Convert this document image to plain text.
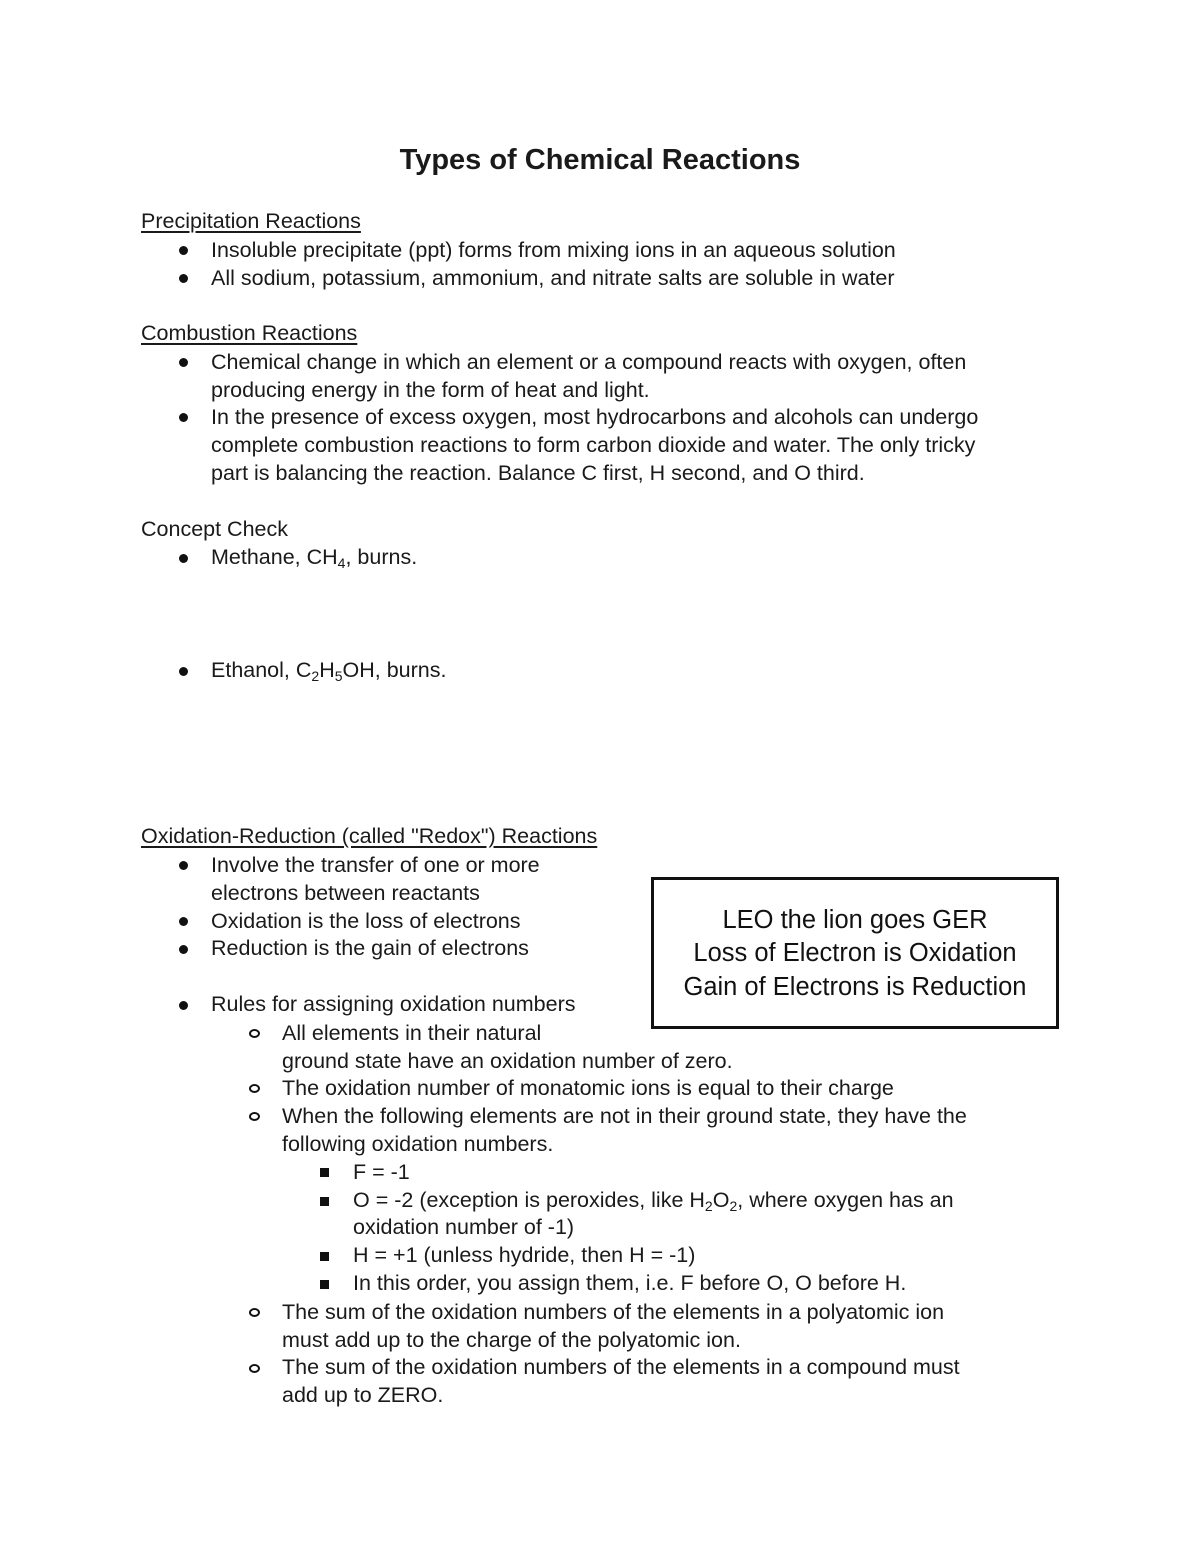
Types of Chemical Reactions
Precipitation Reactions
Insoluble precipitate (ppt) forms from mixing ions in an aqueous solution
All sodium, potassium, ammonium, and nitrate salts are soluble in water
Combustion Reactions
Chemical change in which an element or a compound reacts with oxygen, often
producing energy in the form of heat and light.
In the presence of excess oxygen, most hydrocarbons and alcohols can undergo
complete combustion reactions to form carbon dioxide and water. The only tricky
part is balancing the reaction. Balance C first, H second, and O third.
Concept Check
Methane, $CH_4$, burns.
Ethanol, $C_2H_5OH$, burns.
Oxidation-Reduction (called "Redox") Reactions
Involve the transfer of one or more
electrons between reactants
Oxidation is the loss of electrons
Reduction is the gain of electrons
Rules for assigning oxidation numbers
All elements in their natural
ground state have an oxidation number of zero.
The oxidation number of monatomic ions is equal to their charge
When the following elements are not in their ground state, they have the
following oxidation numbers.
F = -1
O = -2 (exception is peroxides, like $H_2O_2$, where oxygen has an
oxidation number of -1)
H = +1 (unless hydride, then H = -1)
In this order, you assign them, i.e. F before O, O before H.
The sum of the oxidation numbers of the elements in a polyatomic ion
must add up to the charge of the polyatomic ion.
The sum of the oxidation numbers of the elements in a compound must
add up to ZERO.
LEO the lion goes GER
Loss of Electron is Oxidation
Gain of Electrons is Reduction
